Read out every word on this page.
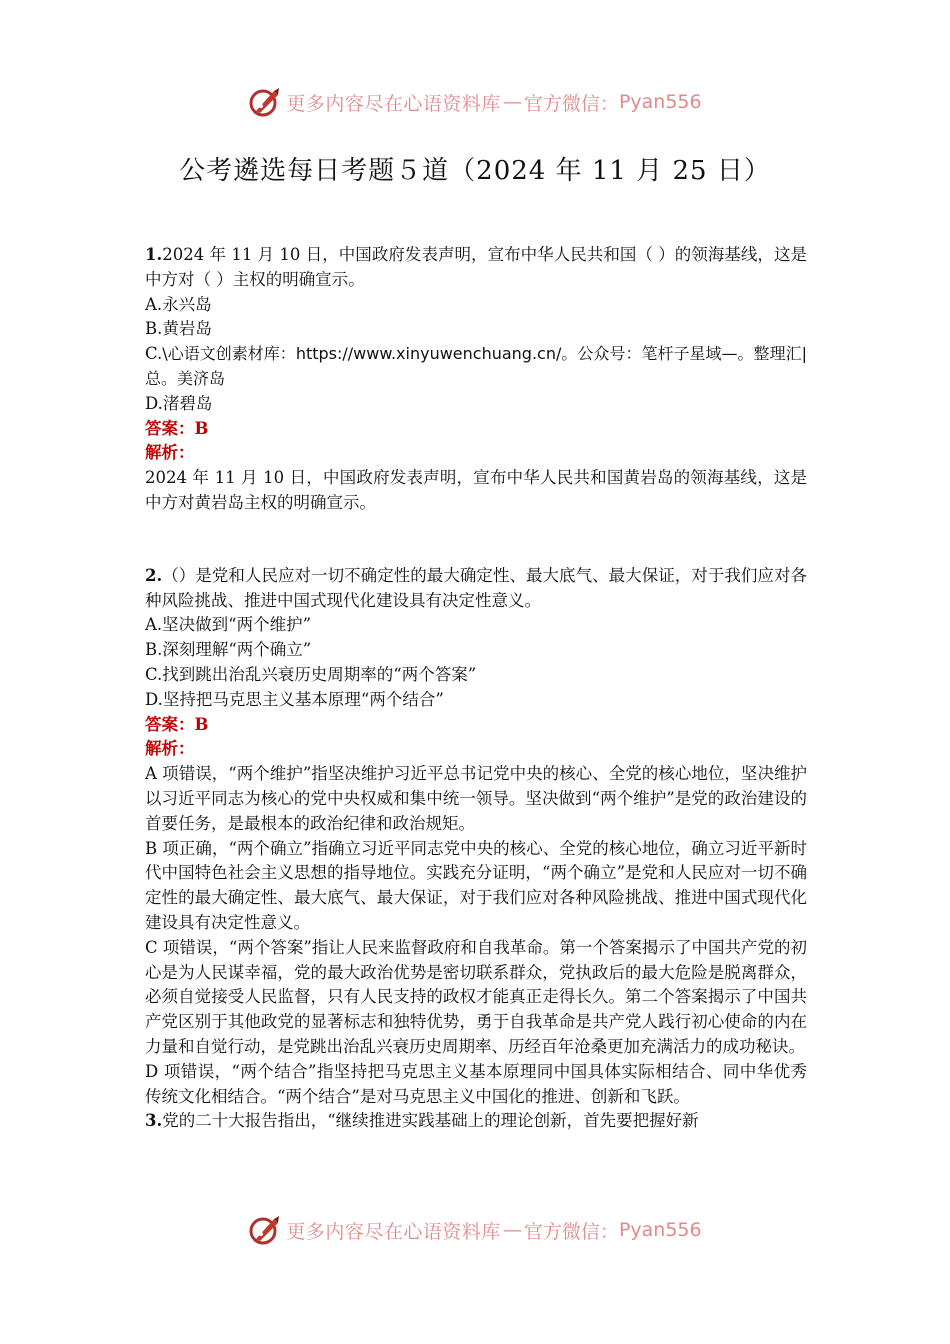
更多内容尽在心语资料库 — 官方微信： Pyan556
公考遴选每日考题５道（2024 年 11 月 25 日）

1.2024 年 11 月 10 日，中国政府发表声明，宣布中华人民共和国（ ）的领海基线，这是中方对（ ）主权的明确宣示。

A.永兴岛

B.黄岩岛

C.\心语文创素材库：https://www.xinyuwenchuang.cn/。公众号：笔杆子星域—。整理汇|总。美济岛

D.渚碧岛

答案：B

解析：

2024 年 11 月 10 日，中国政府发表声明，宣布中华人民共和国黄岩岛的领海基线，这是中方对黄岩岛主权的明确宣示。

2.（）是党和人民应对一切不确定性的最大确定性、最大底气、最大保证，对于我们应对各种风险挑战、推进中国式现代化建设具有决定性意义。

A.坚决做到“两个维护”

B.深刻理解“两个确立”

C.找到跳出治乱兴衰历史周期率的“两个答案”

D.坚持把马克思主义基本原理“两个结合”

答案：B

解析：

A 项错误，“两个维护”指坚决维护习近平总书记党中央的核心、全党的核心地位，坚决维护以习近平同志为核心的党中央权威和集中统一领导。坚决做到“两个维护”是党的政治建设的首要任务，是最根本的政治纪律和政治规矩。

B 项正确，“两个确立”指确立习近平同志党中央的核心、全党的核心地位，确立习近平新时代中国特色社会主义思想的指导地位。实践充分证明，“两个确立”是党和人民应对一切不确定性的最大确定性、最大底气、最大保证，对于我们应对各种风险挑战、推进中国式现代化建设具有决定性意义。

C 项错误，“两个答案”指让人民来监督政府和自我革命。第一个答案揭示了中国共产党的初心是为人民谋幸福，党的最大政治优势是密切联系群众，党执政后的最大危险是脱离群众，必须自觉接受人民监督，只有人民支持的政权才能真正走得长久。第二个答案揭示了中国共产党区别于其他政党的显著标志和独特优势，勇于自我革命是共产党人践行初心使命的内在力量和自觉行动，是党跳出治乱兴衰历史周期率、历经百年沧桑更加充满活力的成功秘诀。

D 项错误，“两个结合”指坚持把马克思主义基本原理同中国具体实际相结合、同中华优秀传统文化相结合。“两个结合”是对马克思主义中国化的推进、创新和飞跃。

3.党的二十大报告指出，“继续推进实践基础上的理论创新，首先要把握好新

更多内容尽在心语资料库 — 官方微信： Pyan556
